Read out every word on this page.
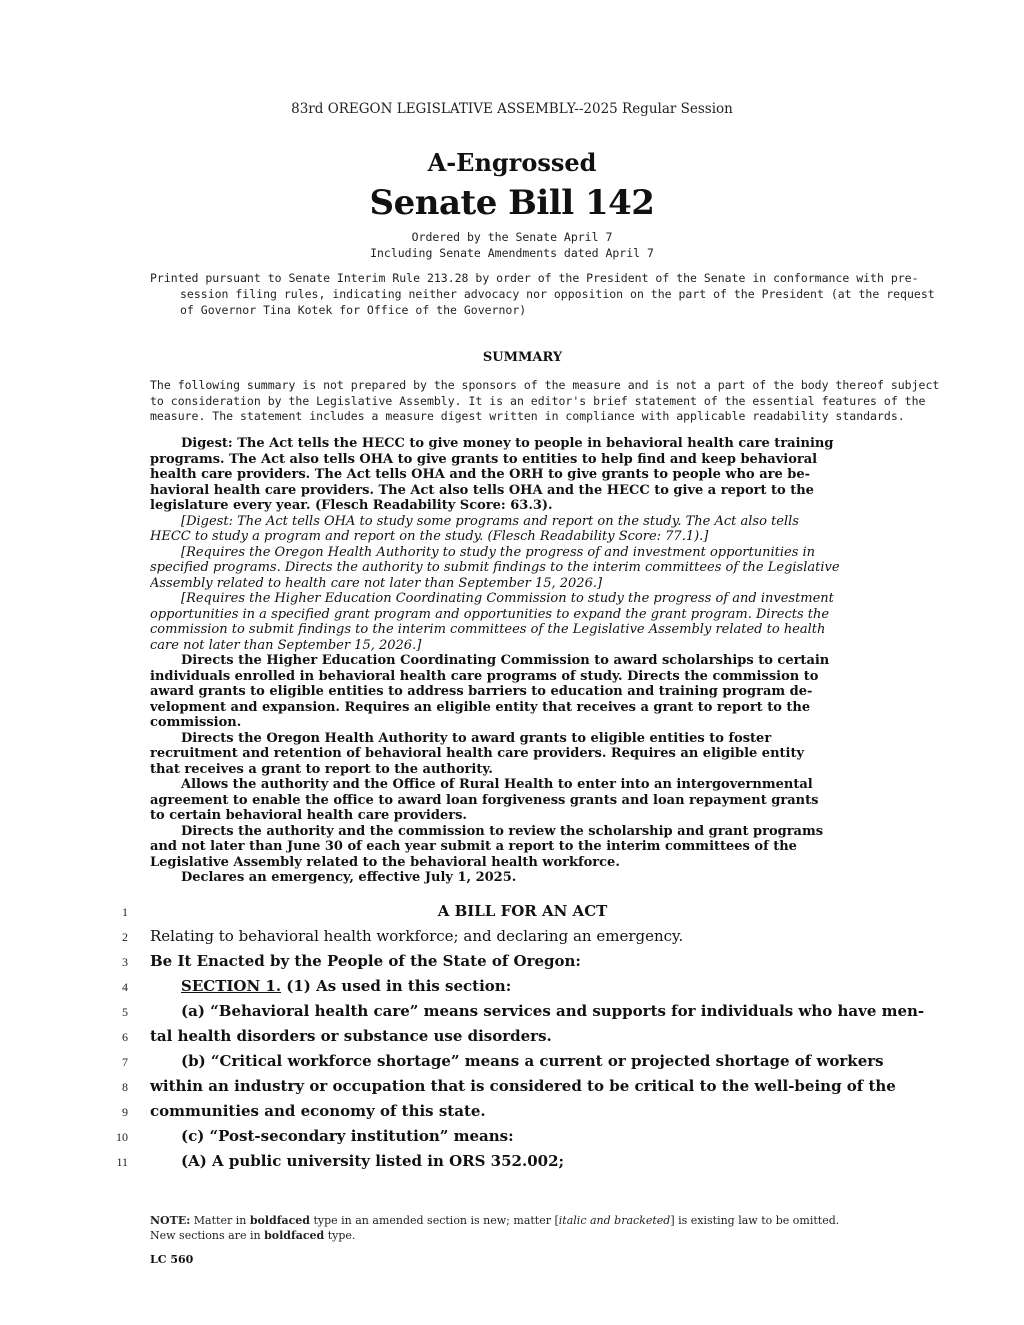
83rd OREGON LEGISLATIVE ASSEMBLY--2025 Regular Session
A-Engrossed
Senate Bill 142
Ordered by the Senate April 7
Including Senate Amendments dated April 7
Printed pursuant to Senate Interim Rule 213.28 by order of the President of the Senate in conformance with pre-
session filing rules, indicating neither advocacy nor opposition on the part of the President (at the request
of Governor Tina Kotek for Office of the Governor)
SUMMARY
The following summary is not prepared by the sponsors of the measure and is not a part of the body thereof subject
to consideration by the Legislative Assembly. It is an editor's brief statement of the essential features of the
measure. The statement includes a measure digest written in compliance with applicable readability standards.
Digest: The Act tells the HECC to give money to people in behavioral health care training
programs. The Act also tells OHA to give grants to entities to help find and keep behavioral
health care providers. The Act tells OHA and the ORH to give grants to people who are be-
havioral health care providers. The Act also tells OHA and the HECC to give a report to the
legislature every year. (Flesch Readability Score: 63.3).
[Digest: The Act tells OHA to study some programs and report on the study. The Act also tells
HECC to study a program and report on the study. (Flesch Readability Score: 77.1).]
[Requires the Oregon Health Authority to study the progress of and investment opportunities in
specified programs. Directs the authority to submit findings to the interim committees of the Legislative
Assembly related to health care not later than September 15, 2026.]
[Requires the Higher Education Coordinating Commission to study the progress of and investment
opportunities in a specified grant program and opportunities to expand the grant program. Directs the
commission to submit findings to the interim committees of the Legislative Assembly related to health
care not later than September 15, 2026.]
Directs the Higher Education Coordinating Commission to award scholarships to certain
individuals enrolled in behavioral health care programs of study. Directs the commission to
award grants to eligible entities to address barriers to education and training program de-
velopment and expansion. Requires an eligible entity that receives a grant to report to the
commission.
Directs the Oregon Health Authority to award grants to eligible entities to foster
recruitment and retention of behavioral health care providers. Requires an eligible entity
that receives a grant to report to the authority.
Allows the authority and the Office of Rural Health to enter into an intergovernmental
agreement to enable the office to award loan forgiveness grants and loan repayment grants
to certain behavioral health care providers.
Directs the authority and the commission to review the scholarship and grant programs
and not later than June 30 of each year submit a report to the interim committees of the
Legislative Assembly related to the behavioral health workforce.
Declares an emergency, effective July 1, 2025.
1	A BILL FOR AN ACT
2 Relating to behavioral health workforce; and declaring an emergency.
3 Be It Enacted by the People of the State of Oregon:
4	SECTION 1. (1) As used in this section:
5	(a) “Behavioral health care” means services and supports for individuals who have men-
6 tal health disorders or substance use disorders.
7	(b) “Critical workforce shortage” means a current or projected shortage of workers
8 within an industry or occupation that is considered to be critical to the well-being of the
9 communities and economy of this state.
10	(c) “Post-secondary institution” means:
11	(A) A public university listed in ORS 352.002;
NOTE: Matter in boldfaced type in an amended section is new; matter [italic and bracketed] is existing law to be omitted.
New sections are in boldfaced type.
LC 560
